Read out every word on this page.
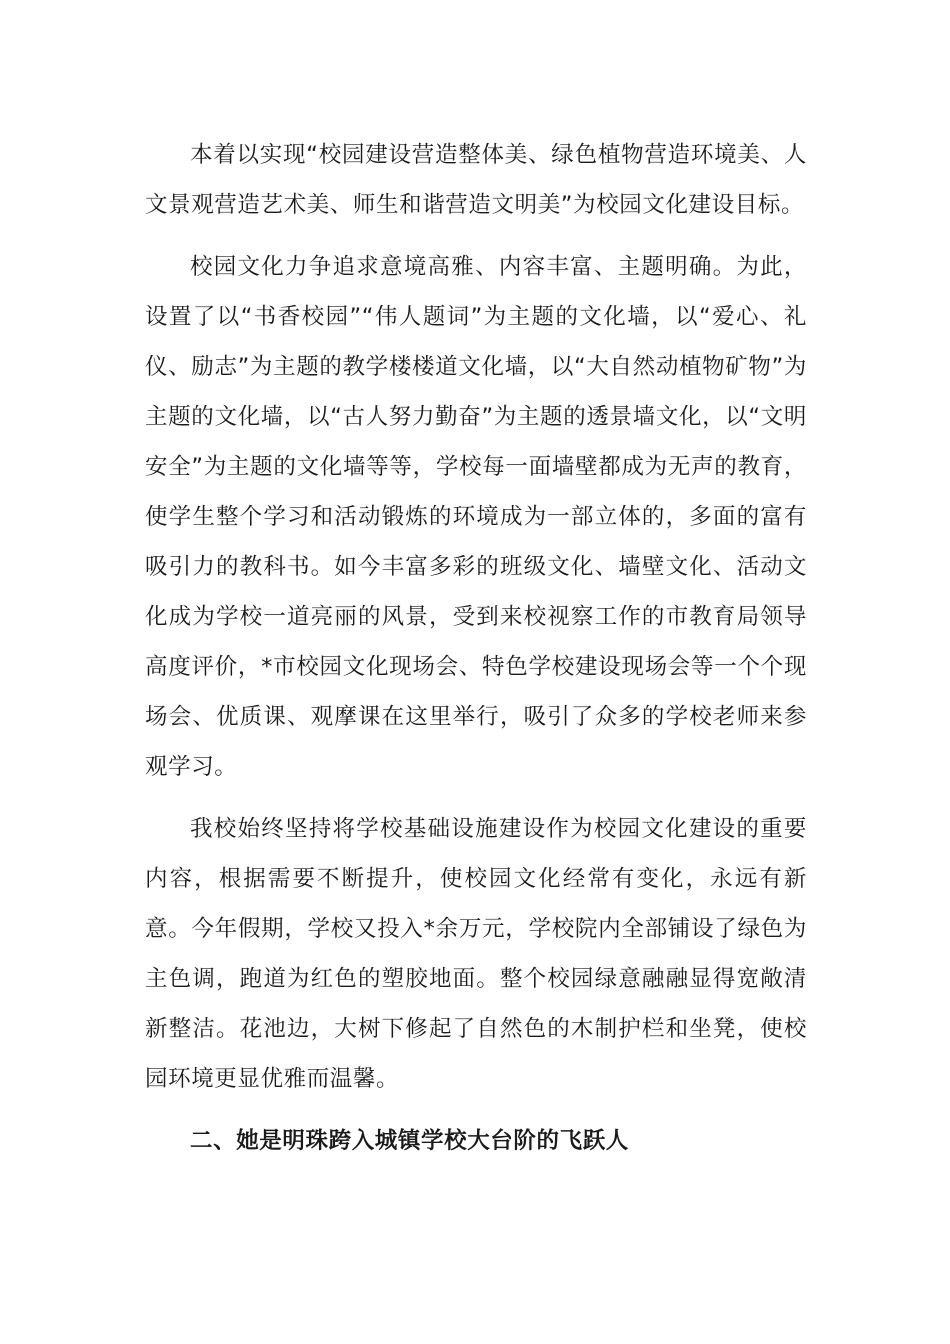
本着以实现“校园建设营造整体美、绿色植物营造环境美、人文景观营造艺术美、师生和谐营造文明美”为校园文化建设目标。

校园文化力争追求意境高雅、内容丰富、主题明确。为此，设置了以“书香校园”“伟人题词”为主题的文化墙，以“爱心、礼仪、励志”为主题的教学楼楼道文化墙，以“大自然动植物矿物”为主题的文化墙，以“古人努力勤奋”为主题的透景墙文化，以“文明安全”为主题的文化墙等等，学校每一面墙壁都成为无声的教育，使学生整个学习和活动锻炼的环境成为一部立体的，多面的富有吸引力的教科书。如今丰富多彩的班级文化、墙壁文化、活动文化成为学校一道亮丽的风景，受到来校视察工作的市教育局领导高度评价，*市校园文化现场会、特色学校建设现场会等一个个现场会、优质课、观摩课在这里举行，吸引了众多的学校老师来参观学习。

我校始终坚持将学校基础设施建设作为校园文化建设的重要内容，根据需要不断提升，使校园文化经常有变化，永远有新意。今年假期，学校又投入*余万元，学校院内全部铺设了绿色为主色调，跑道为红色的塑胶地面。整个校园绿意融融显得宽敞清新整洁。花池边，大树下修起了自然色的木制护栏和坐凳，使校园环境更显优雅而温馨。

二、她是明珠跨入城镇学校大台阶的飞跃人
